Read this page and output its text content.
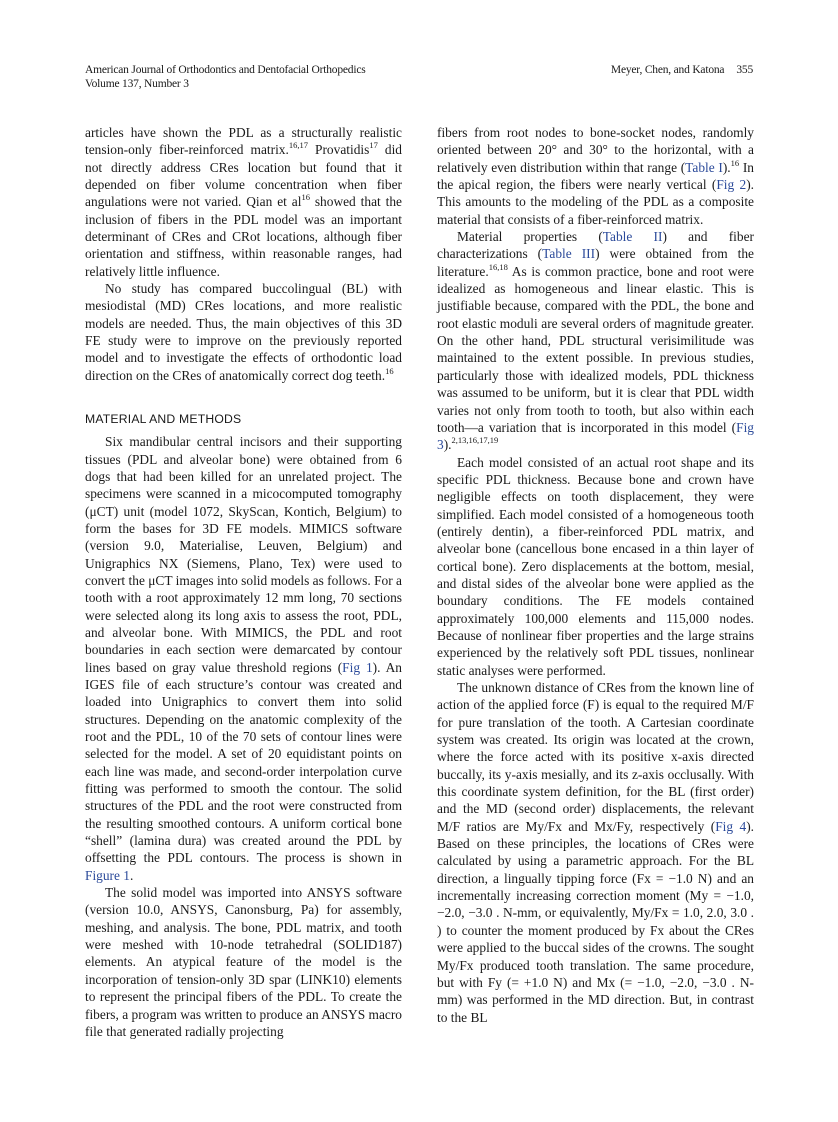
American Journal of Orthodontics and Dentofacial Orthopedics
Volume 137, Number 3
Meyer, Chen, and Katona 355

articles have shown the PDL as a structurally realistic tension-only fiber-reinforced matrix.$^{16,17}$ Provatidis$^{17}$ did not directly address CRes location but found that it depended on fiber volume concentration when fiber angulations were not varied. Qian et $al^{16}$ showed that the inclusion of fibers in the PDL model was an important determinant of CRes and CRot locations, although fiber orientation and stiffness, within reasonable ranges, had relatively little influence.

No study has compared buccolingual (BL) with mesiodistal (MD) CRes locations, and more realistic models are needed. Thus, the main objectives of this 3D FE study were to improve on the previously reported model and to investigate the effects of orthodontic load direction on the CRes of anatomically correct dog teeth.$^{16}$

MATERIAL AND METHODS

Six mandibular central incisors and their supporting tissues (PDL and alveolar bone) were obtained from 6 dogs that had been killed for an unrelated project. The specimens were scanned in a micocomputed tomography (μCT) unit (model 1072, SkyScan, Kontich, Belgium) to form the bases for 3D FE models. MIMICS software (version 9.0, Materialise, Leuven, Belgium) and Unigraphics NX (Siemens, Plano, Tex) were used to convert the μCT images into solid models as follows. For a tooth with a root approximately 12 mm long, 70 sections were selected along its long axis to assess the root, PDL, and alveolar bone. With MIMICS, the PDL and root boundaries in each section were demarcated by contour lines based on gray value threshold regions (Fig 1). An IGES file of each structure’s contour was created and loaded into Unigraphics to convert them into solid structures. Depending on the anatomic complexity of the root and the PDL, 10 of the 70 sets of contour lines were selected for the model. A set of 20 equidistant points on each line was made, and second-order interpolation curve fitting was performed to smooth the contour. The solid structures of the PDL and the root were constructed from the resulting smoothed contours. A uniform cortical bone “shell” (lamina dura) was created around the PDL by offsetting the PDL contours. The process is shown in Figure 1.

The solid model was imported into ANSYS software (version 10.0, ANSYS, Canonsburg, Pa) for assembly, meshing, and analysis. The bone, PDL matrix, and tooth were meshed with 10-node tetrahedral (SOLID187) elements. An atypical feature of the model is the incorporation of tension-only 3D spar (LINK10) elements to represent the principal fibers of the PDL. To create the fibers, a program was written to produce an ANSYS macro file that generated radially projecting

fibers from root nodes to bone-socket nodes, randomly oriented between 20° and 30° to the horizontal, with a relatively even distribution within that range (Table I).$^{16}$ In the apical region, the fibers were nearly vertical (Fig 2). This amounts to the modeling of the PDL as a composite material that consists of a fiber-reinforced matrix.

Material properties (Table II) and fiber characterizations (Table III) were obtained from the literature.$^{16,18}$ As is common practice, bone and root were idealized as homogeneous and linear elastic. This is justifiable because, compared with the PDL, the bone and root elastic moduli are several orders of magnitude greater. On the other hand, PDL structural verisimilitude was maintained to the extent possible. In previous studies, particularly those with idealized models, PDL thickness was assumed to be uniform, but it is clear that PDL width varies not only from tooth to tooth, but also within each tooth—a variation that is incorporated in this model (Fig 3).$^{2,13,16,17,19}$

Each model consisted of an actual root shape and its specific PDL thickness. Because bone and crown have negligible effects on tooth displacement, they were simplified. Each model consisted of a homogeneous tooth (entirely dentin), a fiber-reinforced PDL matrix, and alveolar bone (cancellous bone encased in a thin layer of cortical bone). Zero displacements at the bottom, mesial, and distal sides of the alveolar bone were applied as the boundary conditions. The FE models contained approximately 100,000 elements and 115,000 nodes. Because of nonlinear fiber properties and the large strains experienced by the relatively soft PDL tissues, nonlinear static analyses were performed.

The unknown distance of CRes from the known line of action of the applied force (F) is equal to the required M/F for pure translation of the tooth. A Cartesian coordinate system was created. Its origin was located at the crown, where the force acted with its positive x-axis directed buccally, its y-axis mesially, and its z-axis occlusally. With this coordinate system definition, for the BL (first order) and the MD (second order) displacements, the relevant M/F ratios are My/Fx and Mx/Fy, respectively (Fig 4). Based on these principles, the locations of CRes were calculated by using a parametric approach. For the BL direction, a lingually tipping force (Fx = −1.0 N) and an incrementally increasing correction moment (My = −1.0, −2.0, −3.0 . N-mm, or equivalently, My/Fx = 1.0, 2.0, 3.0 . ) to counter the moment produced by Fx about the CRes were applied to the buccal sides of the crowns. The sought My/Fx produced tooth translation. The same procedure, but with Fy (= +1.0 N) and Mx (= −1.0, −2.0, −3.0 . N-mm) was performed in the MD direction. But, in contrast to the BL
